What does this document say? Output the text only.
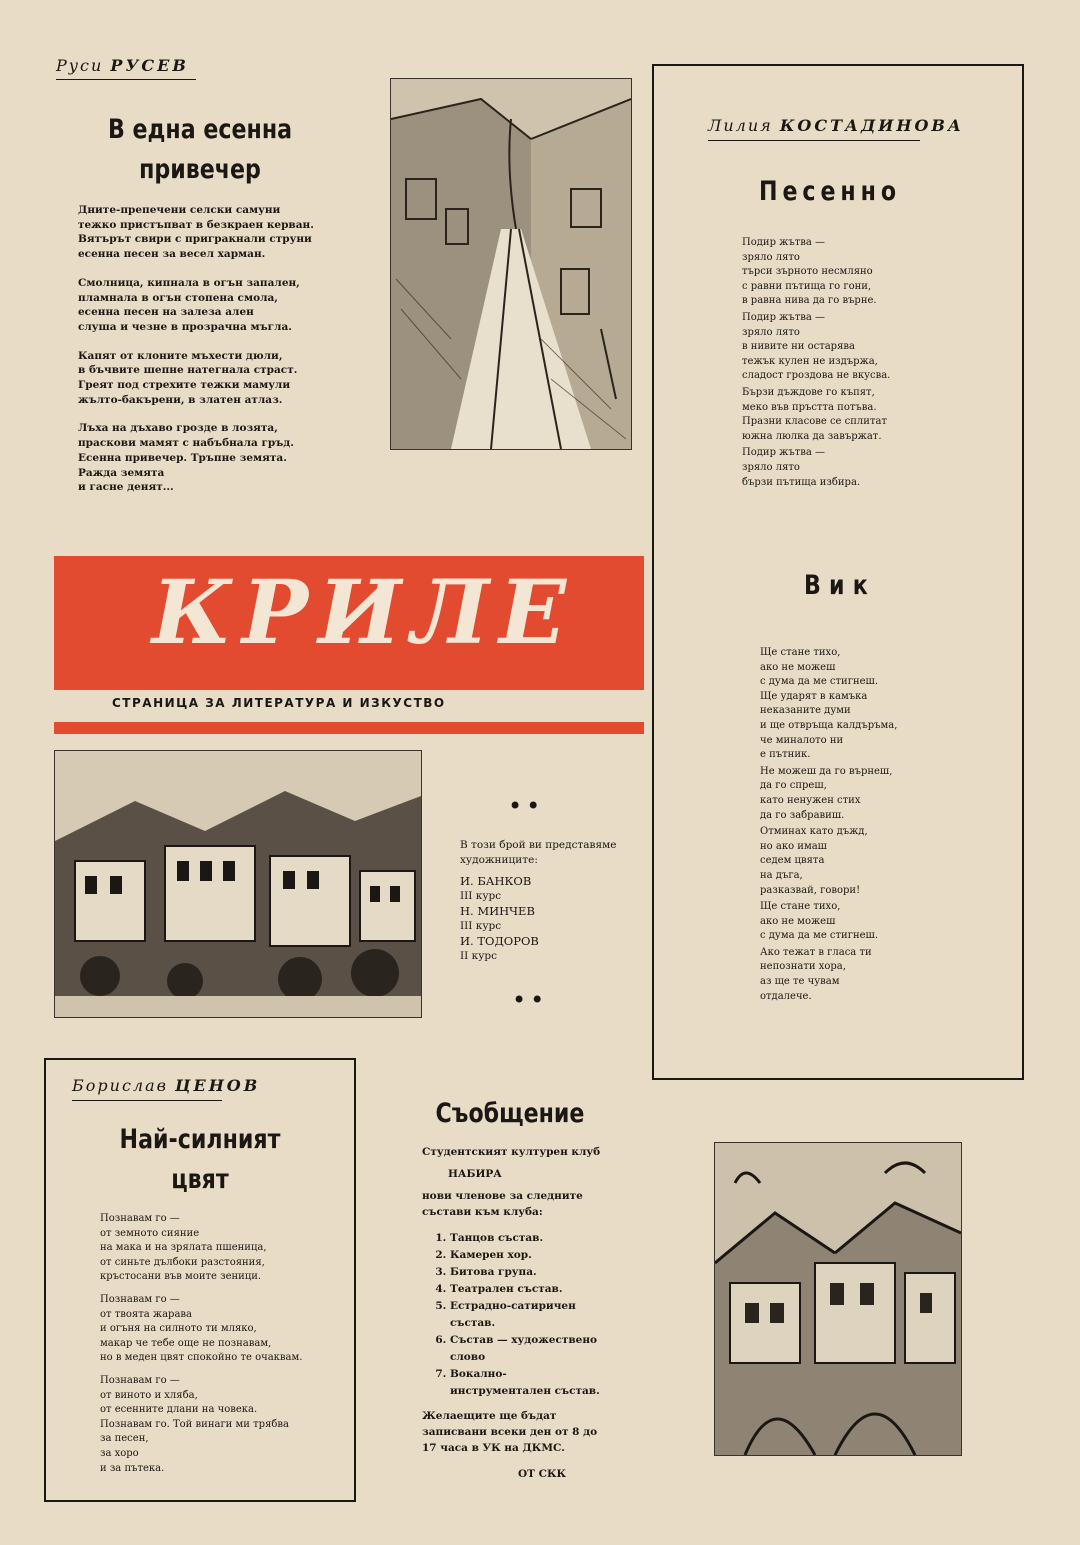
Руси РУСЕВ
В една есенна
привечер

Дните-препечени селски самуни
тежко пристъпват в безкраен керван.
Вятърът свири с пригракнали струни
есенна песен за весел харман.

Смолница, кипнала в огън запален,
пламнала в огън стопена смола,
есенна песен на залеза ален
слуша и чезне в прозрачна мъгла.

Капят от клоните мъхести дюли,
в бъчвите шепне натегнала страст.
Греят под стрехите тежки мамули
жълто-бакърени, в златен атлаз.

Лъха на дъхаво грозде в лозята,
праскови мамят с набъбнала гръд.
Есенна привечер. Тръпне земята.
Ражда земята
и гасне денят...

Лилия КОСТАДИНОВА
Песенно

Подир жътва —
зряло лято
търси зърното несмляно
с равни пътища го гони,
в равна нива да го върне.

Подир жътва —
зряло лято
в нивите ни остарява
тежък кулен не издържа,
сладост гроздова не вкусва.

Бързи дъждове го къпят,
меко във пръстта потъва.
Празни класове се сплитат
южна люлка да завържат.

Подир жътва —
зряло лято
бързи пътища избира.

Вик

Ще стане тихо,
ако не можеш
с дума да ме стигнеш.
Ще ударят в камъка
неказаните думи
и ще отвръща калдъръма,
че миналото ни
е пътник.

Не можеш да го върнеш,
да го спреш,
като ненужен стих
да го забравиш.

Отминах като дъжд,
но ако имаш
седем цвята
на дъга,
разказвай, говори!

Ще стане тихо,
ако не можеш
с дума да ме стигнеш.

Ако тежат в гласа ти
непознати хора,
аз ще те чувам
отдалече.

КРИЛЕ
СТРАНИЦА ЗА ЛИТЕРАТУРА И ИЗКУСТВО
••
В този брой ви представяме художниците:
И. БАНКОВ
III курс
Н. МИНЧЕВ
III курс
И. ТОДОРОВ
II курс
••
Борислав ЦЕНОВ
Най-силният
цвят

Познавам го —
от земното сияние
на мака и на зрялата пшеница,
от синьте дълбоки разстояния,
кръстосани във моите зеници.

Познавам го —
от твоята жарава
и огъня на силното ти мляко,
макар че тебе още не познавам,
но в меден цвят спокойно те очаквам.

Познавам го —
от виното и хляба,
от есенните длани на човека.
Познавам го. Той винаги ми трябва
за песен,
за хоро
и за пътека.

Съобщение
Студентският културен клуб
НАБИРА
нови членове за следните състави към клуба:
1. Танцов състав.
2. Камерен хор.
3. Битова група.
4. Театрален състав.
5. Естрадно-сатиричен състав.
6. Състав — художествено слово
7. Вокално-инструментален състав.
Желаещите ще бъдат записвани всеки ден от 8 до 17 часа в УК на ДКМС.
ОТ СКК
